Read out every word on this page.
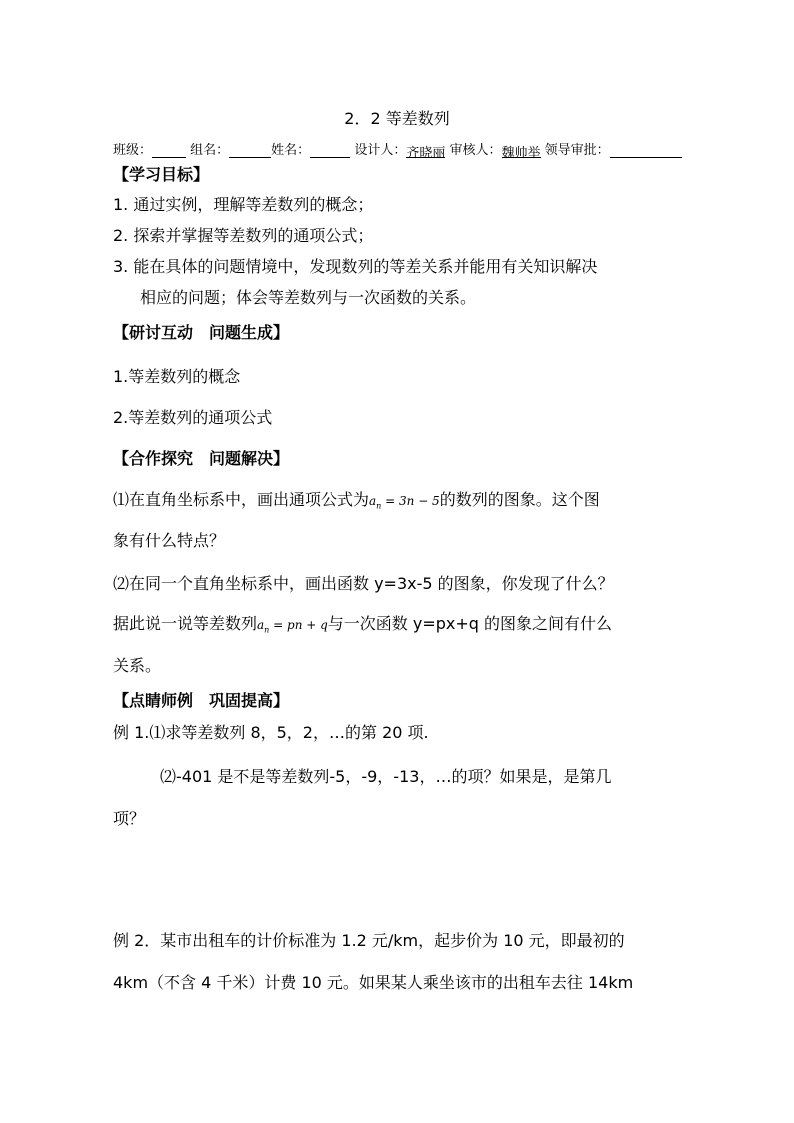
2．2 等差数列
班级：	组名：	姓名：	设计人：齐晓丽 审核人：魏帅举 领导审批：
【学习目标】
1. 通过实例，理解等差数列的概念；
2. 探索并掌握等差数列的通项公式；
3. 能在具体的问题情境中，发现数列的等差关系并能用有关知识解决
相应的问题；体会等差数列与一次函数的关系。
【研讨互动　问题生成】
1.等差数列的概念
2.等差数列的通项公式
【合作探究　问题解决】
⑴在直角坐标系中，画出通项公式为$a_n = 3n - 5$的数列的图象。这个图
象有什么特点？
⑵在同一个直角坐标系中，画出函数 y=3x-5 的图象，你发现了什么？
据此说一说等差数列$a_n$ = pn + q与一次函数 y=px+q 的图象之间有什么
关系。
【点睛师例　巩固提高】
例 1.⑴求等差数列 8，5，2，…的第 20 项.
⑵-401 是不是等差数列-5，-9，-13，…的项？如果是，是第几
项？
例 2．某市出租车的计价标准为 1.2 元/km，起步价为 10 元，即最初的
4km（不含 4 千米）计费 10 元。如果某人乘坐该市的出租车去往 14km
